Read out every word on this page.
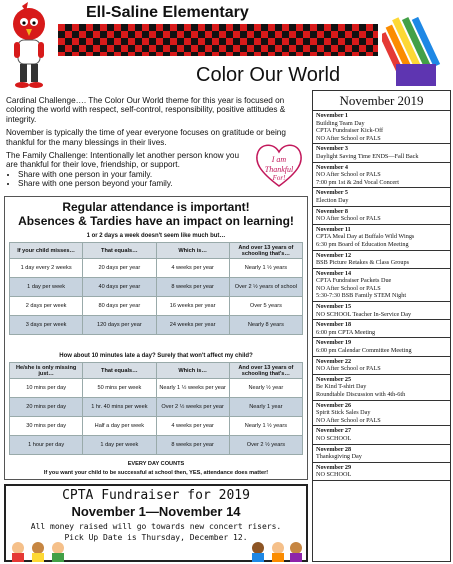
Ell-Saline Elementary
Color Our World

Cardinal Challenge…. The Color Our World theme for this year is focused on coloring the world with respect, self-control, responsibility, positive attitudes & integrity.

November is typically the time of year everyone focuses on gratitude or being thankful for the many blessings in their lives.

The Family Challenge: Intentionally let another person know you are thankful for their love, friendship, or support.

• Share with one person in your family.
• Share with one person beyond your family.
I am
Thankful
For!
Regular attendance is important!
Absences & Tardies have an impact on learning!
1 or 2 days a week doesn't seem like much but…
If your child misses…	That equals…	Which is…	And over 13 years of schooling that's…
1 day every 2 weeks	20 days per year	4 weeks per year	Nearly 1 ½ years
1 day per week	40 days per year	8 weeks per year	Over 2 ½ years of school
2 days per week	80 days per year	16 weeks per year	Over 5 years
3 days per week	120 days per year	24 weeks per year	Nearly 8 years
How about 10 minutes late a day? Surely that won't affect my child?
He/she is only missing just…	That equals…	Which is…	And over 13 years of schooling that's…
10 mins per day	50 mins per week	Nearly 1 ½ weeks per year	Nearly ½ year
20 mins per day	1 hr. 40 mins per week	Over 2 ½ weeks per year	Nearly 1 year
30 mins per day	Half a day per week	4 weeks per year	Nearly 1 ½ years
1 hour per day	1 day per week	8 weeks per year	Over 2 ½ years
EVERY DAY COUNTS
If you want your child to be successful at school then, YES, attendance does matter!
CPTA Fundraiser for 2019
November 1—November 14
All money raised will go towards new concert risers.
Pick Up Date is Thursday, December 12.
November 2019
November 1
Building Team Day
CPTA Fundraiser Kick-Off
NO After School or PALS
November 3
Daylight Saving Time ENDS—Fall Back
November 4
NO After School or PALS
7:00 pm 1st & 2nd Vocal Concert
November 5
Election Day
November 8
NO After School or PALS
November 11
CPTA Meal Day at Buffalo Wild Wings
6:30 pm Board of Education Meeting
November 12
BSB Picture Retakes & Class Groups
November 14
CPTA Fundraiser Packets Due
NO After School or PALS
5:30-7:30 BSB Family STEM Night
November 15
NO SCHOOL Teacher In-Service Day
November 18
6:00 pm CPTA Meeting
November 19
6:00 pm Calendar Committee Meeting
November 22
NO After School or PALS
November 25
Be Kind T-shirt Day
Roundtable Discussion with 4th-6th
November 26
Spirit Stick Sales Day
NO After School or PALS
November 27
NO SCHOOL
November 28
Thanksgiving Day
November 29
NO SCHOOL
